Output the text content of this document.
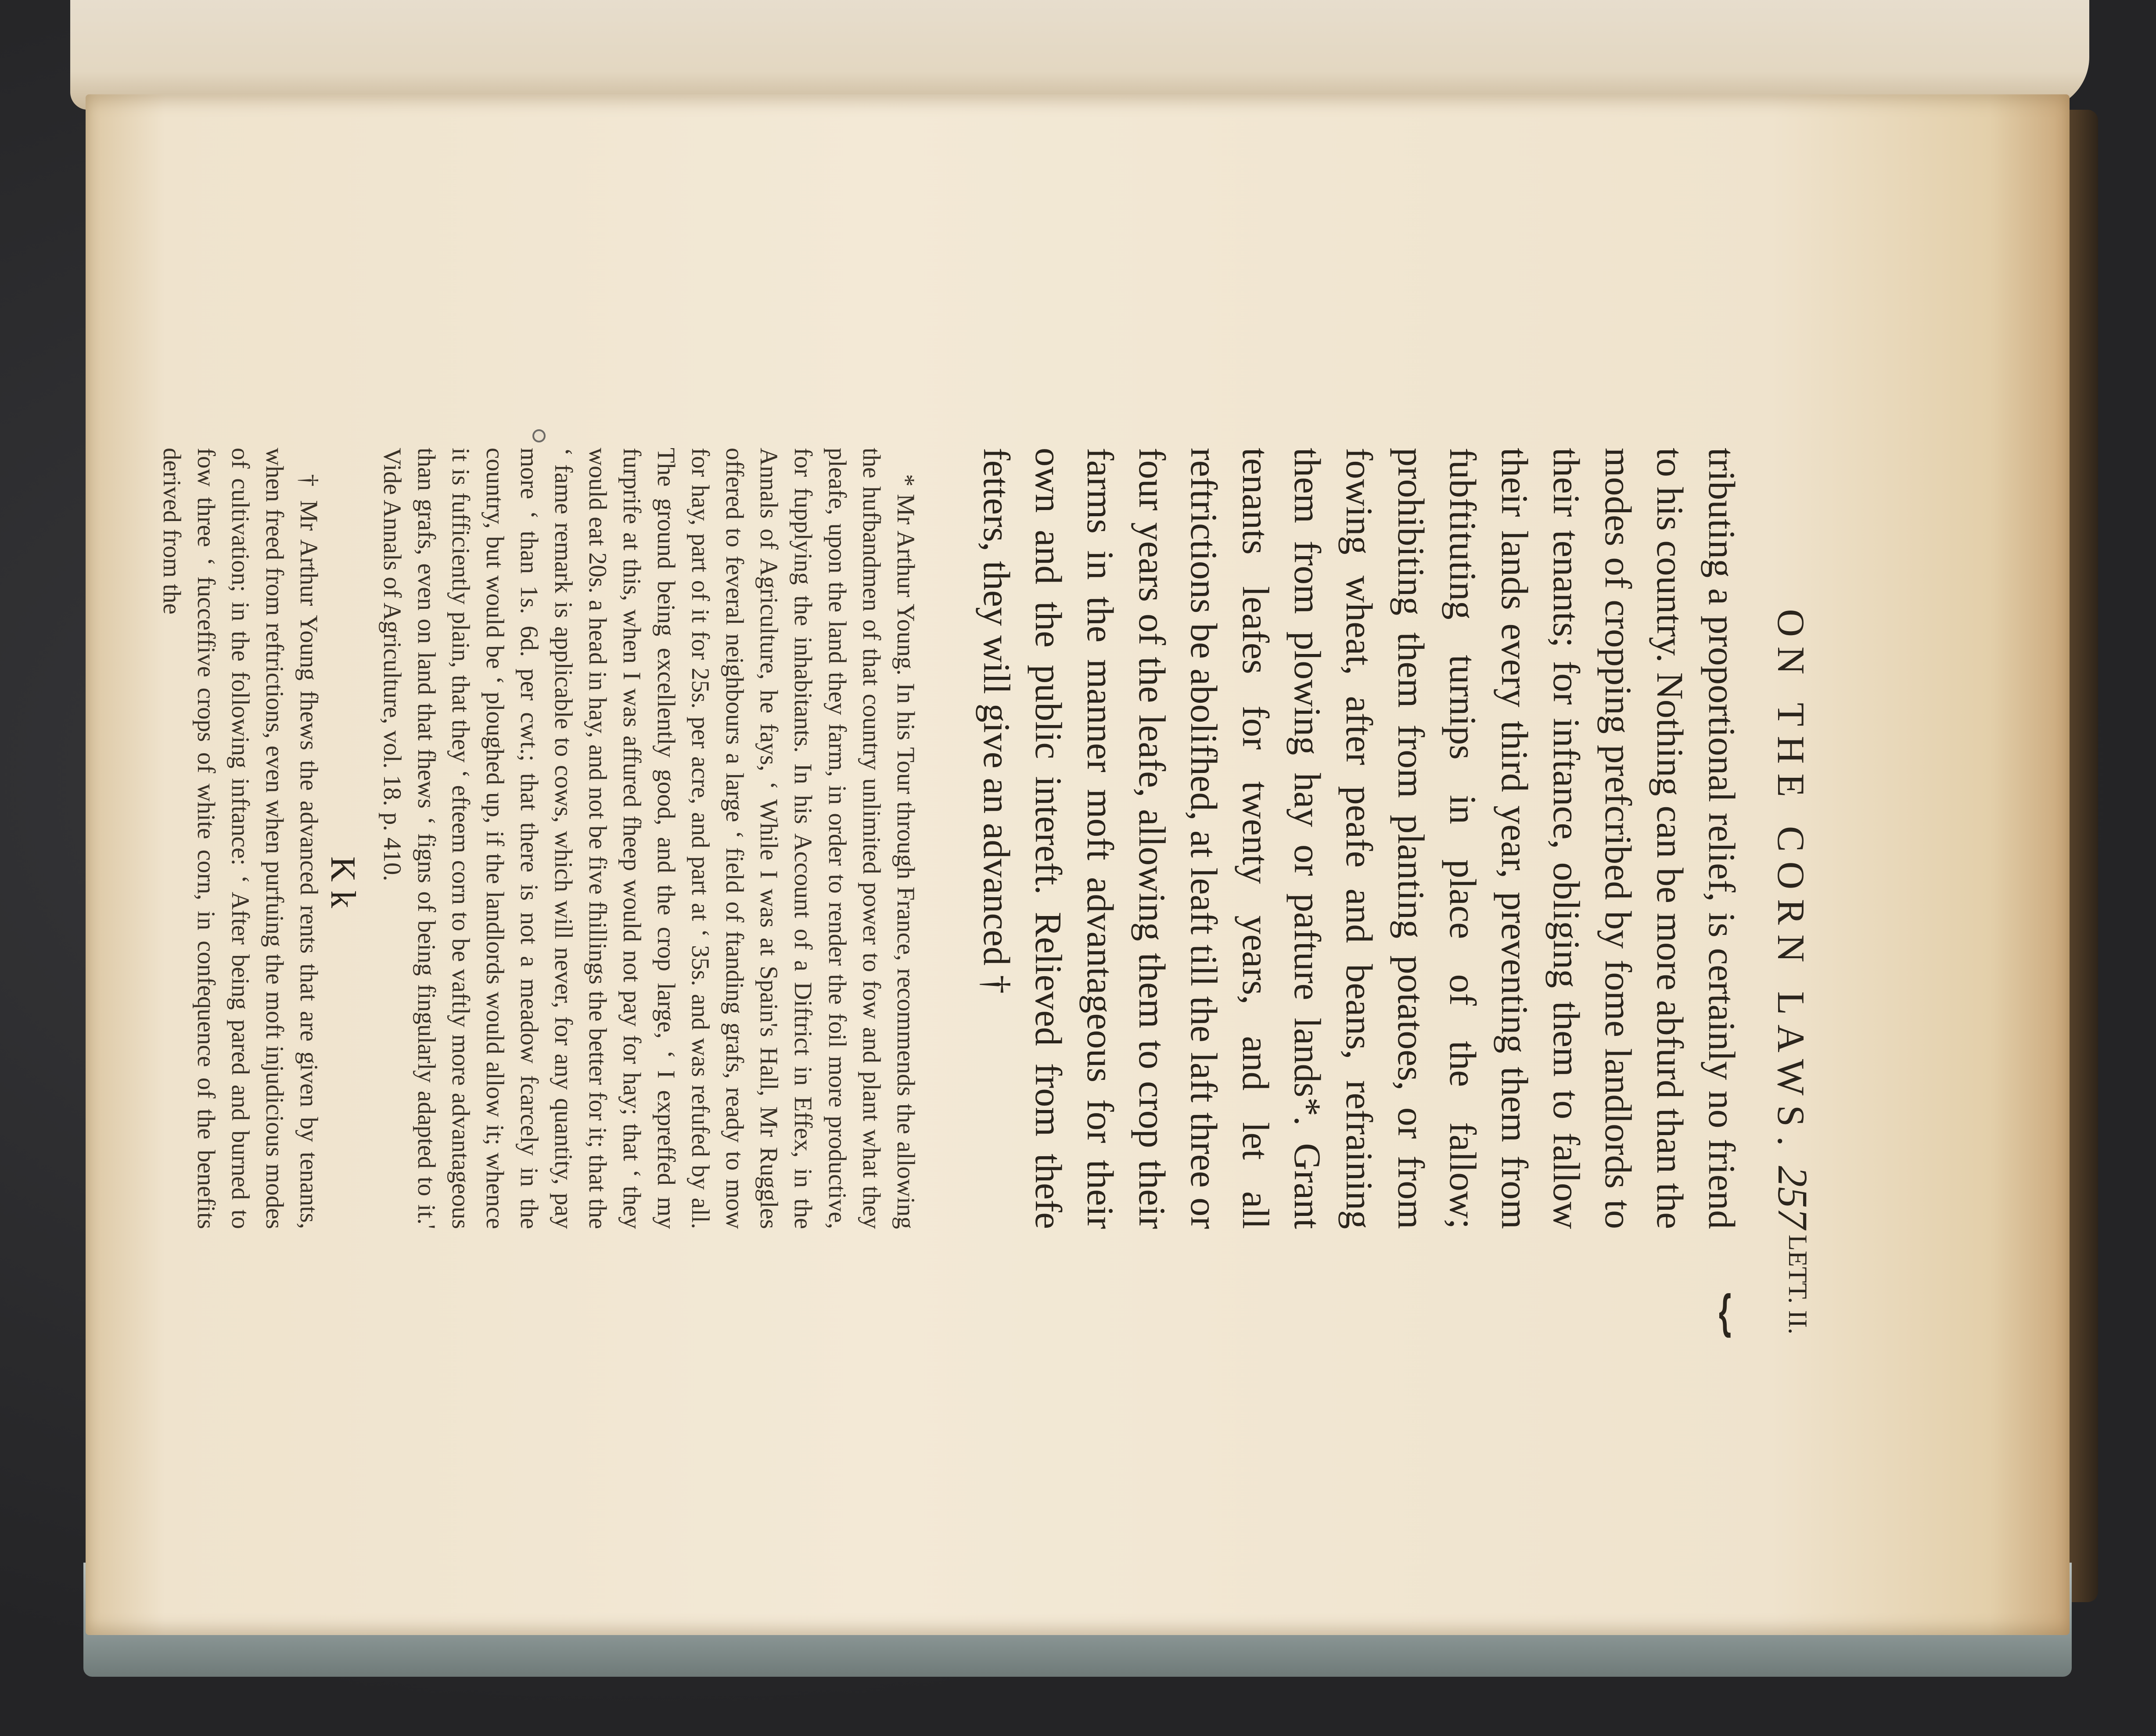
ON THE CORN LAWS.
257
LETT. II.
⏟

tributing a proportional relief, is certainly no friend to his country. Nothing can be more abfurd than the modes of cropping prefcribed by fome landlords to their tenants; for inftance, obliging them to fallow their lands every third year, preventing them from fubftituting turnips in place of the fallow; prohibiting them from planting potatoes, or from fowing wheat, after peafe and beans, refraining them from plowing hay or pafture lands*. Grant tenants leafes for twenty years, and let all reftrictions be abolifhed, at leaft till the laft three or four years of the leafe, allowing them to crop their farms in the manner moft advantageous for their own and the public intereft. Relieved from thefe fetters, they will give an advanced †

* Mr Arthur Young. In his Tour through France, recommends the allowing the hufbandmen of that country unlimited power to fow and plant what they pleafe, upon the land they farm, in order to render the foil more productive, for fupplying the inhabitants. In his Account of a Diftrict in Effex, in the Annals of Agriculture, he fays, ‘ While I was at Spain's Hall, Mr Ruggles offered to feveral neighbours a large ‘ field of ftanding grafs, ready to mow for hay, part of it for 25s. per acre, and part at ‘ 35s. and was refufed by all. The ground being excellently good, and the crop large, ‘ I expreffed my furprife at this, when I was affured fheep would not pay for hay; that ‘ they would eat 20s. a head in hay, and not be five fhillings the better for it; that the ‘ fame remark is applicable to cows, which will never, for any quantity, pay more ‘ than 1s. 6d. per cwt.; that there is not a meadow fcarcely in the country, but would be ‘ ploughed up, if the landlords would allow it; whence it is fufficiently plain, that they ‘ efteem corn to be vaftly more advantageous than grafs, even on land that fhews ‘ figns of being fingularly adapted to it.' Vide Annals of Agriculture, vol. 18. p. 410.

K k

† Mr Arthur Young fhews the advanced rents that are given by tenants, when freed from reftrictions, even when purfuing the moft injudicious modes of cultivation; in the following inftance: ‘ After being pared and burned to fow three ‘ fucceffive crops of white corn, in confequence of the benefits derived from the
